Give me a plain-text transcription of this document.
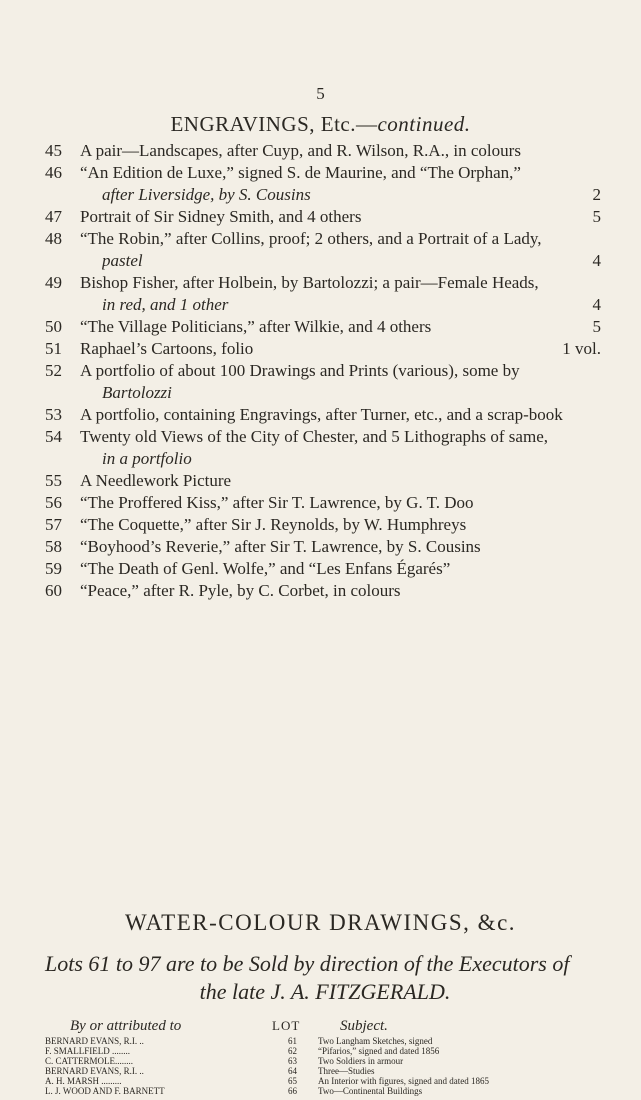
5
ENGRAVINGS, Etc.—continued.
45	A pair—Landscapes, after Cuyp, and R. Wilson, R.A., in colours
46	“An Edition de Luxe,” signed S. de Maurine, and “The Orphan,”
after Liversidge, by S. Cousins	2
47	Portrait of Sir Sidney Smith, and 4 others	5
48	“The Robin,” after Collins, proof; 2 others, and a Portrait of a Lady,
pastel	4
49	Bishop Fisher, after Holbein, by Bartolozzi; a pair—Female Heads,
in red, and 1 other	4
50	“The Village Politicians,” after Wilkie, and 4 others	5
51	Raphael’s Cartoons, folio	1 vol.
52	A portfolio of about 100 Drawings and Prints (various), some by
Bartolozzi
53	A portfolio, containing Engravings, after Turner, etc., and a scrap-book
54	Twenty old Views of the City of Chester, and 5 Lithographs of same,
in a portfolio
55	A Needlework Picture
56	“The Proffered Kiss,” after Sir T. Lawrence, by G. T. Doo
57	“The Coquette,” after Sir J. Reynolds, by W. Humphreys
58	“Boyhood’s Reverie,” after Sir T. Lawrence, by S. Cousins
59	“The Death of Genl. Wolfe,” and “Les Enfans Égarés”
60	“Peace,” after R. Pyle, by C. Corbet, in colours
WATER-COLOUR DRAWINGS, &c.
Lots 61 to 97 are to be Sold by direction of the Executors of
the late J. A. FITZGERALD.
By or attributed to	LOT	Subject.
BERNARD EVANS, R.I. ..	61	Two Langham Sketches, signed
F. SMALLFIELD ........	62	“Pifarios,” signed and dated 1856
C. CATTERMOLE........	63	Two Soldiers in armour
BERNARD EVANS, R.I. ..	64	Three—Studies
A. H. MARSH .........	65	An Interior with figures, signed and dated 1865
L. J. WOOD AND F. BARNETT	66	Two—Continental Buildings
